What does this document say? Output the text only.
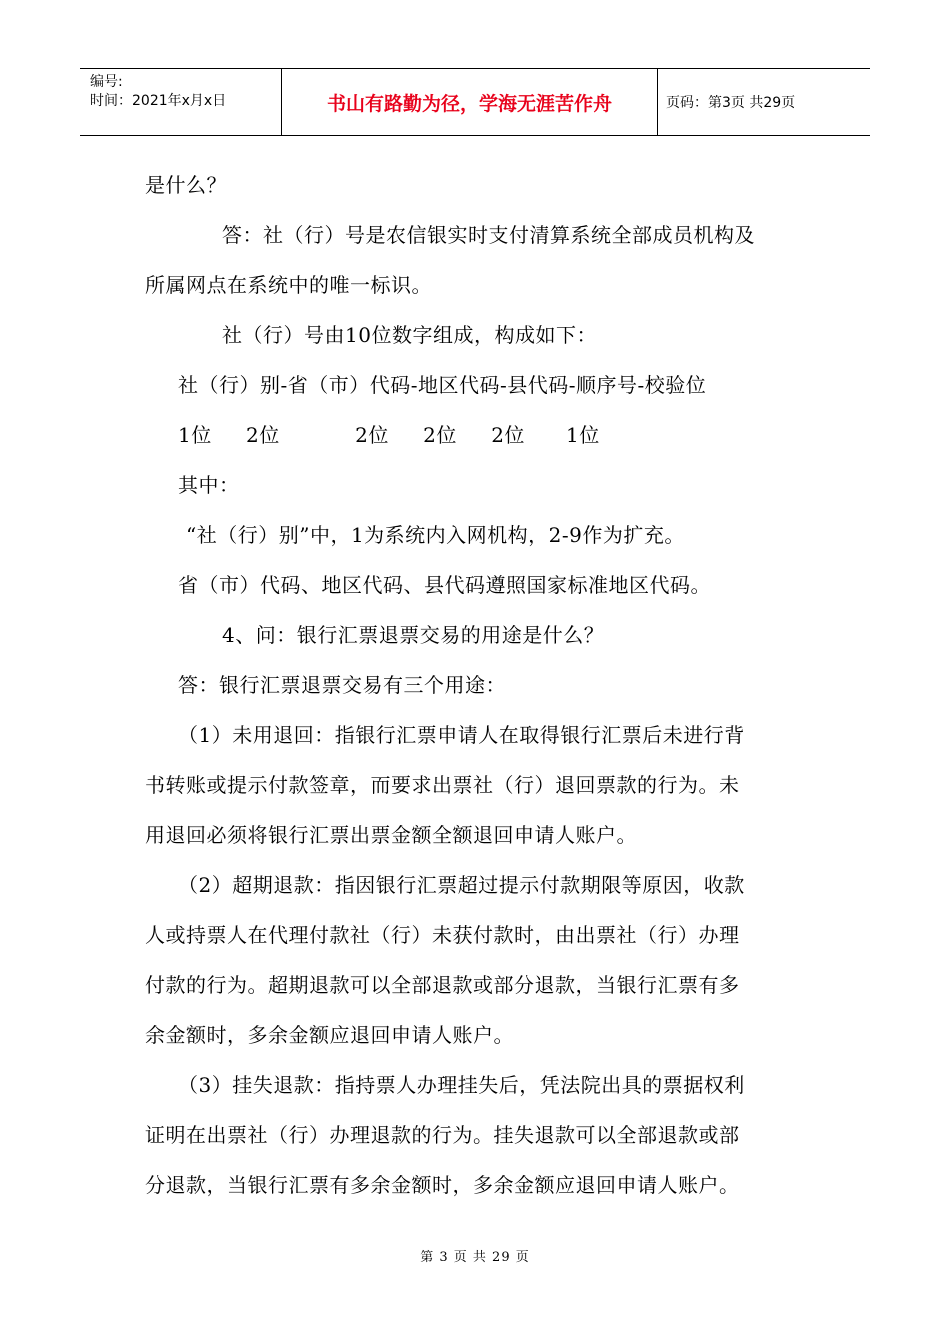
编号:
时间：2021年x月x日	书山有路勤为径，学海无涯苦作舟	页码：第3页 共29页
是什么？
答：社（行）号是农信银实时支付清算系统全部成员机构及
所属网点在系统中的唯一标识。
社（行）号由10位数字组成，构成如下：
社（行）别-省（市）代码-地区代码-县代码-顺序号-校验位
1位     2位           2位     2位     2位      1位
其中：
“社（行）别”中，1为系统内入网机构，2-9作为扩充。
省（市）代码、地区代码、县代码遵照国家标准地区代码。
4、问：银行汇票退票交易的用途是什么？
答：银行汇票退票交易有三个用途：
（1）未用退回：指银行汇票申请人在取得银行汇票后未进行背
书转账或提示付款签章，而要求出票社（行）退回票款的行为。未
用退回必须将银行汇票出票金额全额退回申请人账户。
（2）超期退款：指因银行汇票超过提示付款期限等原因，收款
人或持票人在代理付款社（行）未获付款时，由出票社（行）办理
付款的行为。超期退款可以全部退款或部分退款，当银行汇票有多
余金额时，多余金额应退回申请人账户。
（3）挂失退款：指持票人办理挂失后，凭法院出具的票据权利
证明在出票社（行）办理退款的行为。挂失退款可以全部退款或部
分退款，当银行汇票有多余金额时，多余金额应退回申请人账户。
第 3 页 共 29 页
